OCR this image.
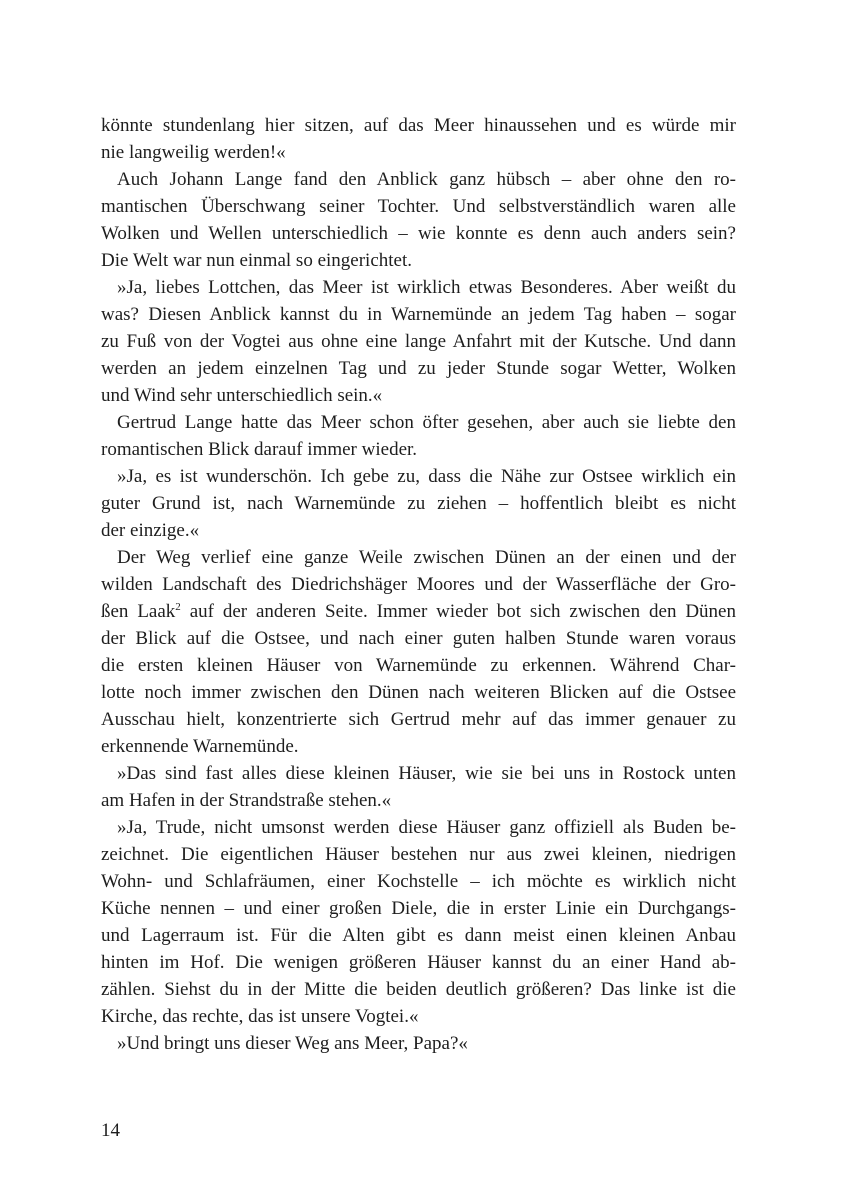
könnte stundenlang hier sitzen, auf das Meer hinaussehen und es würde mir
nie langweilig werden!«
Auch Johann Lange fand den Anblick ganz hübsch – aber ohne den ro-
mantischen Überschwang seiner Tochter. Und selbstverständlich waren alle
Wolken und Wellen unterschiedlich – wie konnte es denn auch anders sein?
Die Welt war nun einmal so eingerichtet.
»Ja, liebes Lottchen, das Meer ist wirklich etwas Besonderes. Aber weißt du
was? Diesen Anblick kannst du in Warnemünde an jedem Tag haben – sogar
zu Fuß von der Vogtei aus ohne eine lange Anfahrt mit der Kutsche. Und dann
werden an jedem einzelnen Tag und zu jeder Stunde sogar Wetter, Wolken
und Wind sehr unterschiedlich sein.«
Gertrud Lange hatte das Meer schon öfter gesehen, aber auch sie liebte den
romantischen Blick darauf immer wieder.
»Ja, es ist wunderschön. Ich gebe zu, dass die Nähe zur Ostsee wirklich ein
guter Grund ist, nach Warnemünde zu ziehen – hoffentlich bleibt es nicht
der einzige.«
Der Weg verlief eine ganze Weile zwischen Dünen an der einen und der
wilden Landschaft des Diedrichshäger Moores und der Wasserfläche der Gro-
ßen Laak$^2$ auf der anderen Seite. Immer wieder bot sich zwischen den Dünen
der Blick auf die Ostsee, und nach einer guten halben Stunde waren voraus
die ersten kleinen Häuser von Warnemünde zu erkennen. Während Char-
lotte noch immer zwischen den Dünen nach weiteren Blicken auf die Ostsee
Ausschau hielt, konzentrierte sich Gertrud mehr auf das immer genauer zu
erkennende Warnemünde.
»Das sind fast alles diese kleinen Häuser, wie sie bei uns in Rostock unten
am Hafen in der Strandstraße stehen.«
»Ja, Trude, nicht umsonst werden diese Häuser ganz offiziell als Buden be-
zeichnet. Die eigentlichen Häuser bestehen nur aus zwei kleinen, niedrigen
Wohn- und Schlafräumen, einer Kochstelle – ich möchte es wirklich nicht
Küche nennen – und einer großen Diele, die in erster Linie ein Durchgangs-
und Lagerraum ist. Für die Alten gibt es dann meist einen kleinen Anbau
hinten im Hof. Die wenigen größeren Häuser kannst du an einer Hand ab-
zählen. Siehst du in der Mitte die beiden deutlich größeren? Das linke ist die
Kirche, das rechte, das ist unsere Vogtei.«
»Und bringt uns dieser Weg ans Meer, Papa?«
14
